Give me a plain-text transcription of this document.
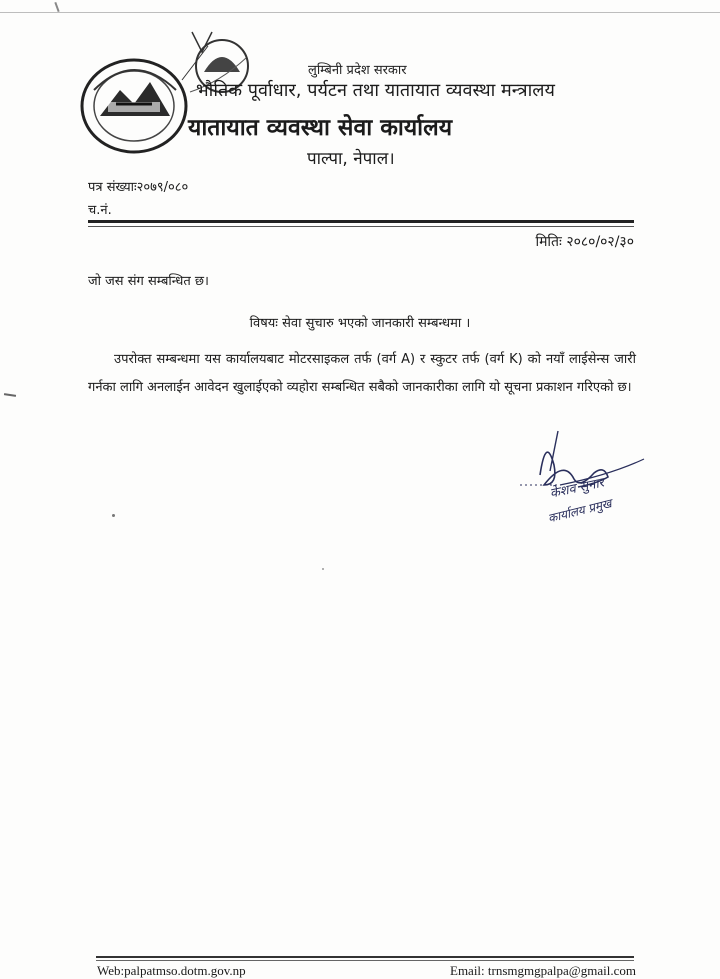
लुम्बिनी प्रदेश सरकार
भौतिक पूर्वाधार, पर्यटन तथा यातायात व्यवस्था मन्त्रालय
यातायात व्यवस्था सेवा कार्यालय
पाल्पा, नेपाल।
पत्र संख्याः२०७९/०८०
च.नं.
मितिः २०८०/०२/३०
जो जस संग सम्बन्धित छ।
विषयः सेवा सुचारु भएको जानकारी सम्बन्धमा ।
उपरोक्त सम्बन्धमा यस कार्यालयबाट मोटरसाइकल तर्फ (वर्ग A) र स्कुटर तर्फ (वर्ग K) को नयाँ लाईसेन्स जारी गर्नका लागि अनलाईन आवेदन खुलाईएको व्यहोरा सम्बन्धित सबैको जानकारीका लागि यो सूचना प्रकाशन गरिएको छ।
केशव सुनार
कार्यालय प्रमुख
Web:palpatmso.dotm.gov.np	Email: trnsmgmgpalpa@gmail.com
